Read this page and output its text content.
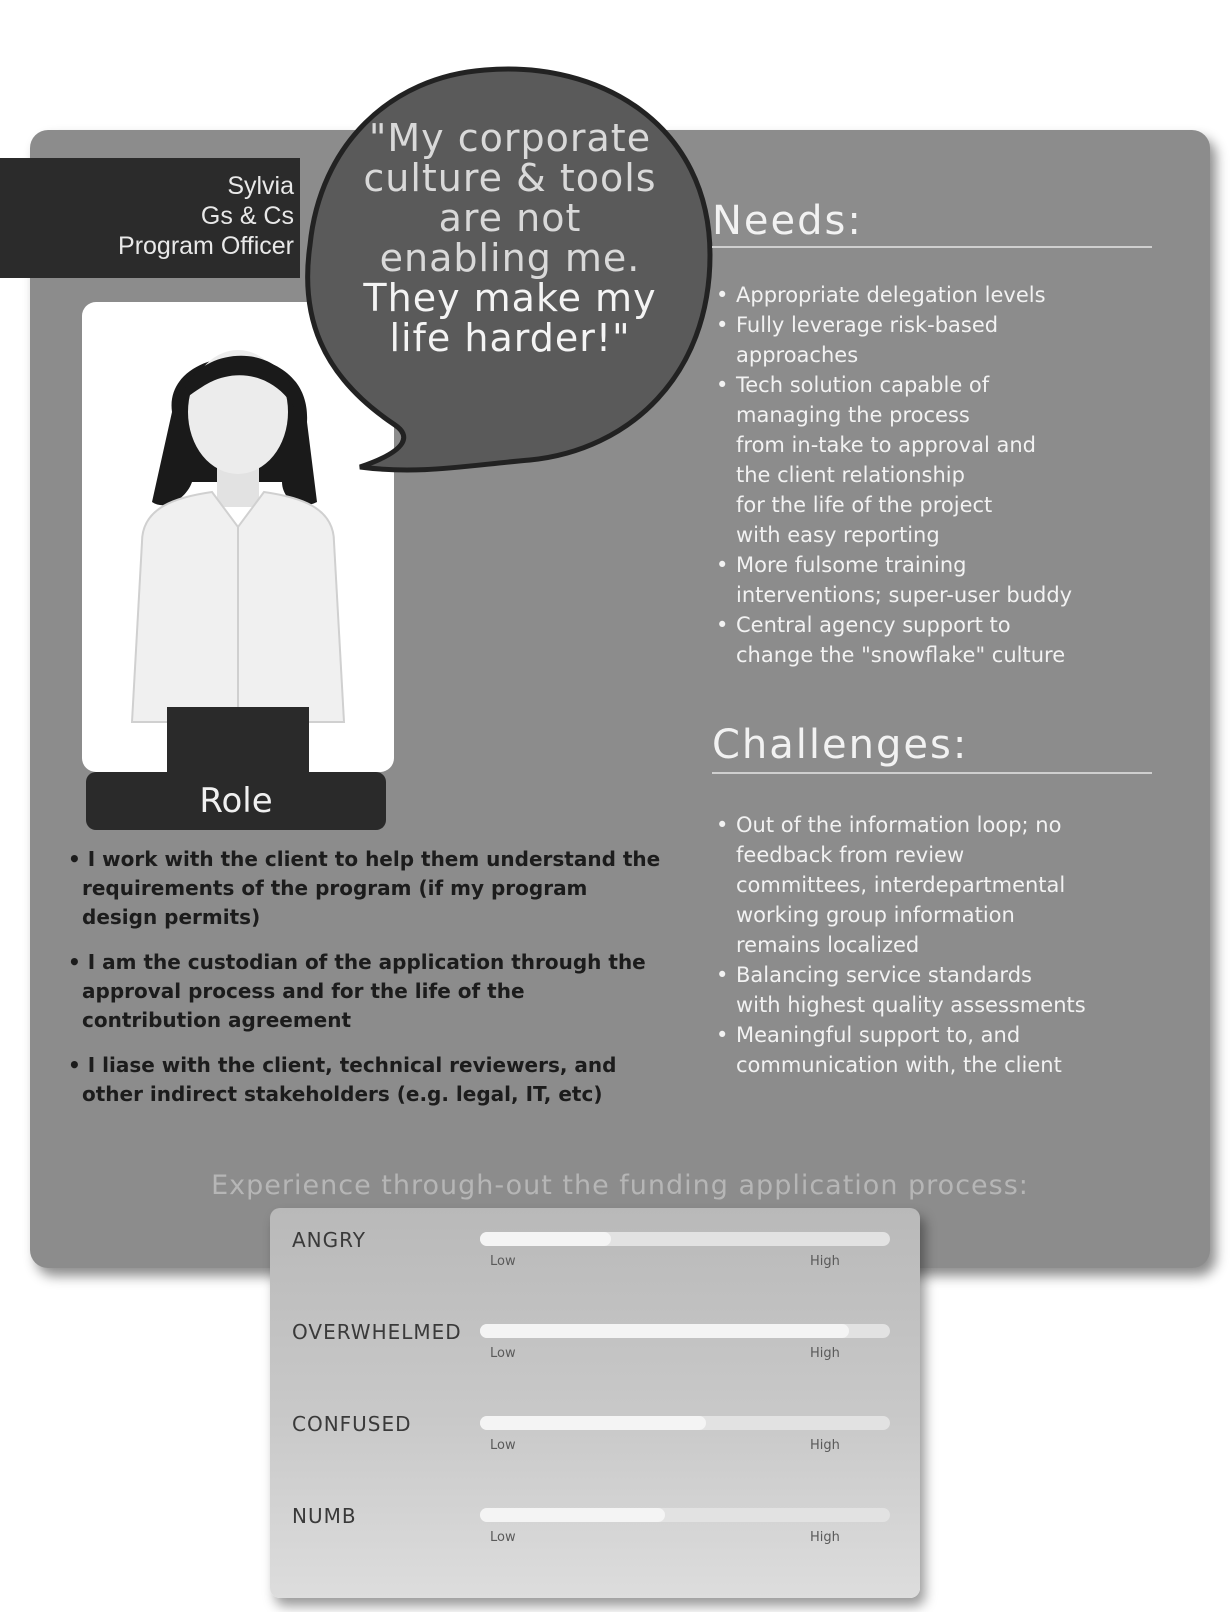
Sylvia
Gs & Cs
Program Officer
Role
"My corporate
culture & tools
are not
enabling me.
They make my
life harder!"

• I work with the client to help them understand the requirements of the program (if my program design permits)

• I am the custodian of the application through the approval process and for the life of the contribution agreement

• I liase with the client, technical reviewers, and other indirect stakeholders (e.g. legal, IT, etc)

Needs:
• Appropriate delegation levels
• Fully leverage risk-based
approaches
• Tech solution capable of
managing the process
from in-take to approval and
the client relationship
for the life of the project
with easy reporting
• More fulsome training
interventions; super-user buddy
• Central agency support to
change the "snowflake" culture
Challenges:
• Out of the information loop; no
feedback from review
committees, interdepartmental
working group information
remains localized
• Balancing service standards
with highest quality assessments
• Meaningful support to, and
communication with, the client
Experience through-out the funding application process:
ANGRY
Low	High
OVERWHELMED
Low	High
CONFUSED
Low	High
NUMB
Low	High
